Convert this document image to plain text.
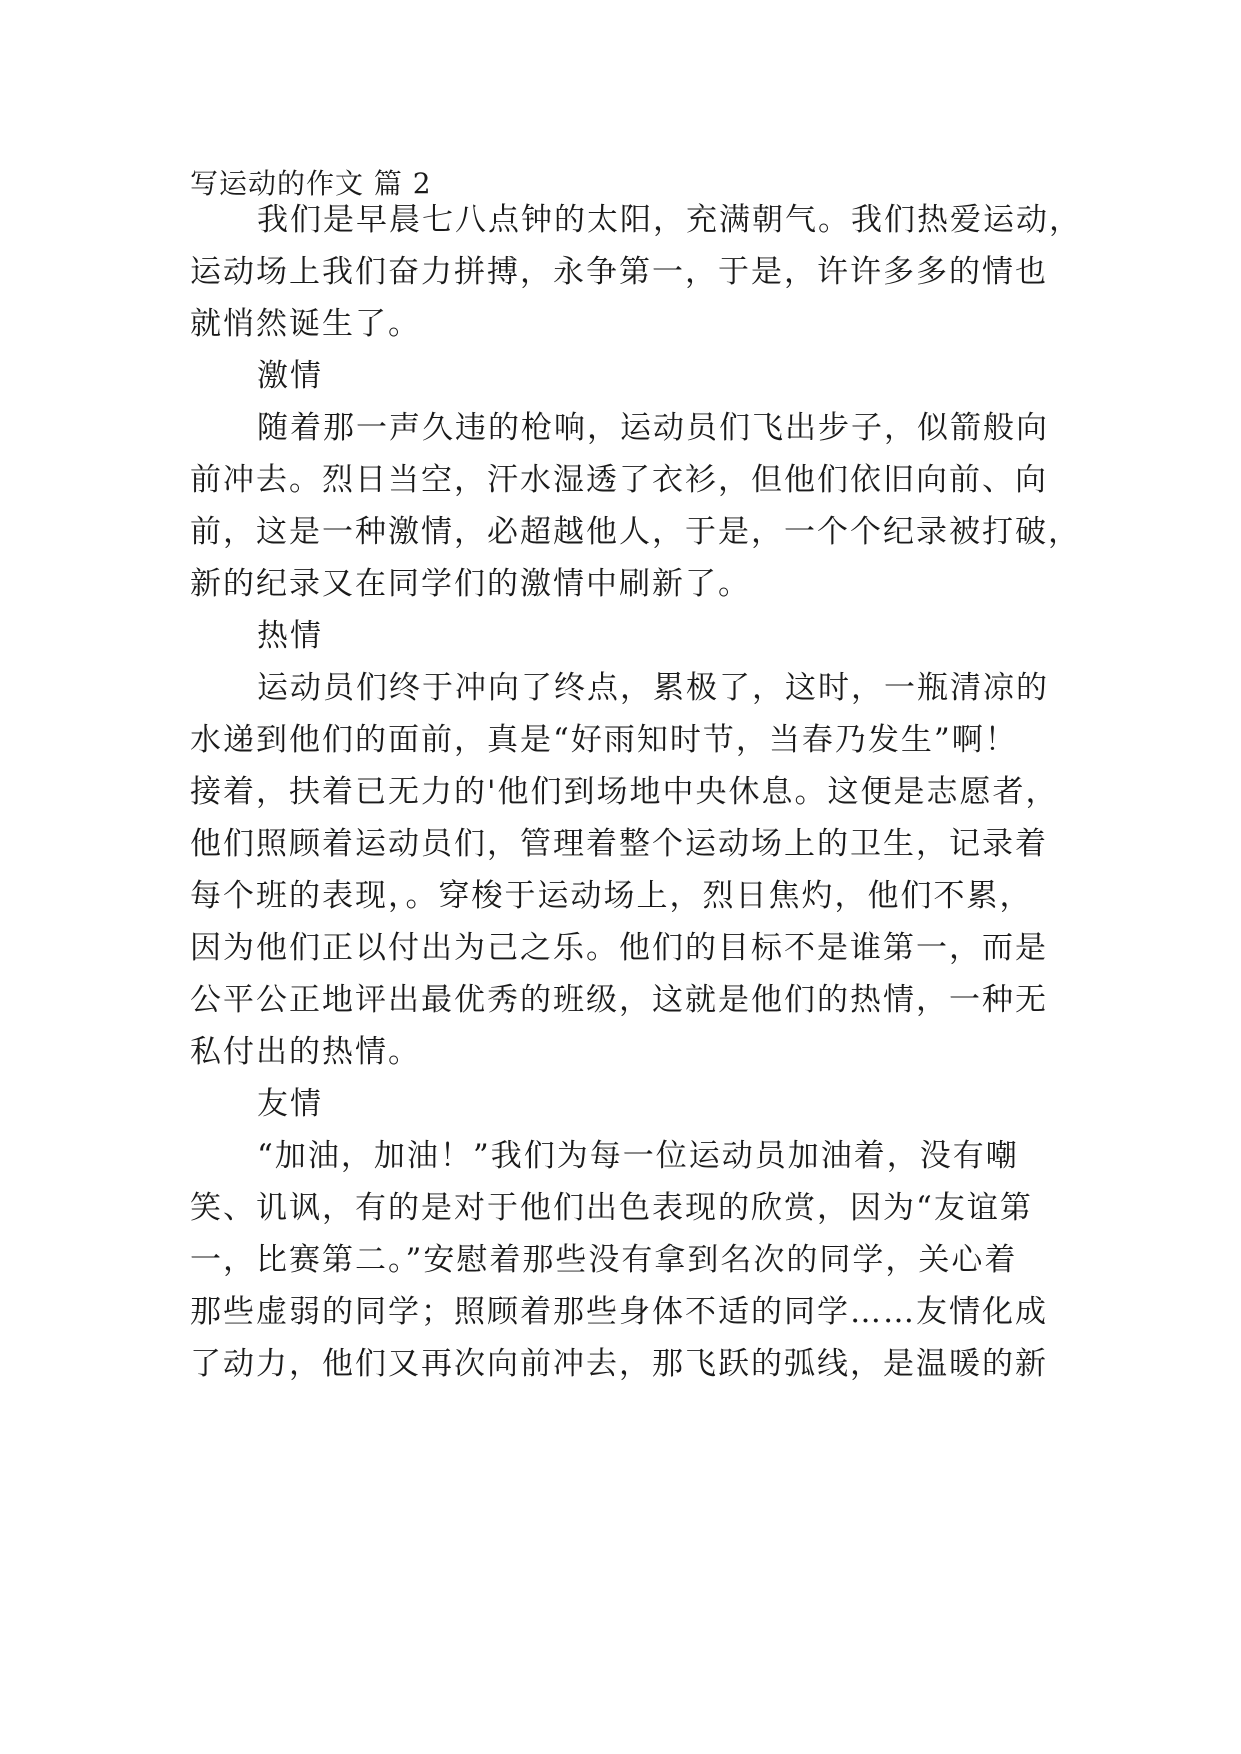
写运动的作文 篇 2
我们是早晨七八点钟的太阳，充满朝气。我们热爱运动，
运动场上我们奋力拼搏，永争第一，于是，许许多多的情也
就悄然诞生了。
激情
随着那一声久违的枪响，运动员们飞出步子，似箭般向
前冲去。烈日当空，汗水湿透了衣衫，但他们依旧向前、向
前，这是一种激情，必超越他人，于是，一个个纪录被打破，
新的纪录又在同学们的激情中刷新了。
热情
运动员们终于冲向了终点，累极了，这时，一瓶清凉的
水递到他们的面前，真是“好雨知时节，当春乃发生”啊！
接着，扶着已无力的'他们到场地中央休息。这便是志愿者，
他们照顾着运动员们，管理着整个运动场上的卫生，记录着
每个班的表现，。穿梭于运动场上，烈日焦灼，他们不累，
因为他们正以付出为己之乐。他们的目标不是谁第一，而是
公平公正地评出最优秀的班级，这就是他们的热情，一种无
私付出的热情。
友情
“加油，加油！”我们为每一位运动员加油着，没有嘲
笑、讥讽，有的是对于他们出色表现的欣赏，因为“友谊第
一，比赛第二。”安慰着那些没有拿到名次的同学，关心着
那些虚弱的同学；照顾着那些身体不适的同学……友情化成
了动力，他们又再次向前冲去，那飞跃的弧线，是温暖的新
